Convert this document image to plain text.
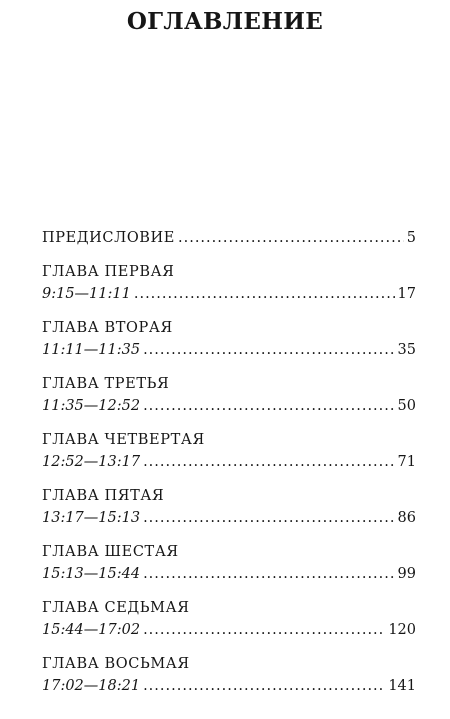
ОГЛАВЛЕНИЕ
ПРЕДИСЛОВИЕ .....	5
ГЛАВА ПЕРВАЯ
9:15—11:11 .....	17
ГЛАВА ВТОРАЯ
11:11—11:35 .....	35
ГЛАВА ТРЕТЬЯ
11:35—12:52 .....	50
ГЛАВА ЧЕТВЕРТАЯ
12:52—13:17 .....	71
ГЛАВА ПЯТАЯ
13:17—15:13 .....	86
ГЛАВА ШЕСТАЯ
15:13—15:44 .....	99
ГЛАВА СЕДЬМАЯ
15:44—17:02 .....	120
ГЛАВА ВОСЬМАЯ
17:02—18:21 .....	141
